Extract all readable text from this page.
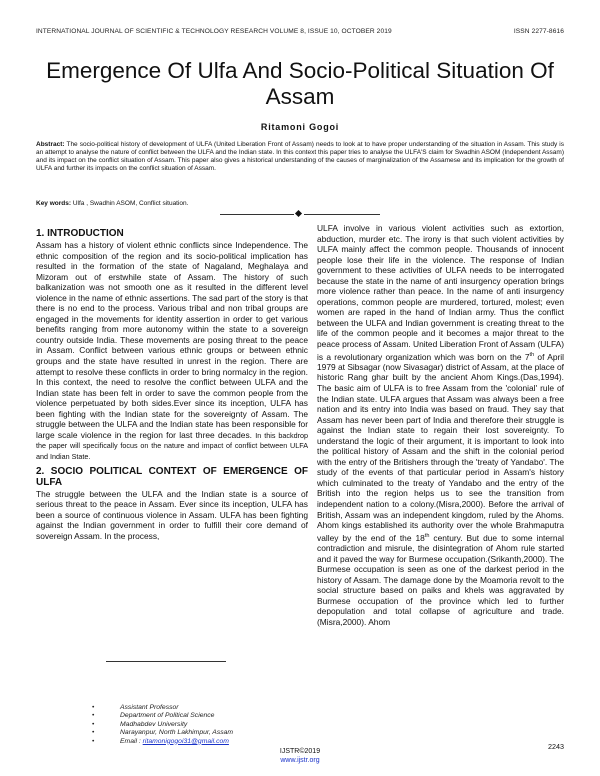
INTERNATIONAL JOURNAL OF SCIENTIFIC & TECHNOLOGY RESEARCH VOLUME 8, ISSUE 10, OCTOBER 2019	ISSN 2277-8616
Emergence Of Ulfa And Socio-Political Situation Of Assam
Ritamoni Gogoi
Abstract: The socio-political history of development of ULFA (United Liberation Front of Assam) needs to look at to have proper understanding of the situation in Assam. This study is an attempt to analyse the nature of conflict between the ULFA and the Indian state. In this context this paper tries to analyse the ULFA'S claim for Swadhin ASOM (Independent Assam) and its impact on the conflict situation of Assam. This paper also gives a historical understanding of the causes of marginalization of the Assamese and its implication for the growth of ULFA and further its impacts on the conflict situation of Assam.
Key words: Ulfa , Swadhin ASOM, Conflict situation.
1. INTRODUCTION

Assam has a history of violent ethnic conflicts since Independence. The ethnic composition of the region and its socio-political implication has resulted in the formation of the state of Nagaland, Meghalaya and Mizoram out of erstwhile state of Assam. The history of such balkanization was not smooth one as it resulted in the different level violence in the name of ethnic assertions. The sad part of the story is that there is no end to the process. Various tribal and non tribal groups are engaged in the movements for identity assertion in order to get various benefits ranging from more autonomy within the state to a sovereign country outside India. These movements are posing threat to the peace in Assam. Conflict between various ethnic groups or between ethnic groups and the state have resulted in unrest in the region. There are attempt to resolve these conflicts in order to bring normalcy in the region. In this context, the need to resolve the conflict between ULFA and the Indian state has been felt in order to save the common people from the violence perpetuated by both sides.Ever since its inception, ULFA has been fighting with the Indian state for the sovereignty of Assam. The struggle between the ULFA and the Indian state has been responsible for large scale violence in the region for last three decades. In this backdrop the paper will specifically focus on the nature and impact of conflict between ULFA and Indian State.

2. SOCIO POLITICAL CONTEXT OF EMERGENCE OF ULFA

The struggle between the ULFA and the Indian state is a source of serious threat to the peace in Assam. Ever since its inception, ULFA has been a source of continuous violence in Assam. ULFA has been fighting against the Indian government in order to fulfill their core demand of sovereign Assam. In the process,

ULFA involve in various violent activities such as extortion, abduction, murder etc. The irony is that such violent activities by ULFA mainly affect the common people. Thousands of innocent people lose their life in the violence. The response of Indian government to these activities of ULFA needs to be interrogated because the state in the name of anti insurgency operation brings more violence rather than peace. In the name of anti insurgency operations, common people are murdered, tortured, molest; even women are raped in the hand of Indian army. Thus the conflict between the ULFA and Indian government is creating threat to the life of the common people and it becomes a major threat to the peace process of Assam. United Liberation Front of Assam (ULFA) is a revolutionary organization which was born on the 7th of April 1979 at Sibsagar (now Sivasagar) district of Assam, at the place of historic Rang ghar built by the ancient Ahom Kings.(Das,1994). The basic aim of ULFA is to free Assam from the 'colonial' rule of the Indian state. ULFA argues that Assam was always been a free nation and its entry into India was based on fraud. They say that Assam has never been part of India and therefore their struggle is against the Indian state to regain their lost sovereignty. To understand the logic of their argument, it is important to look into the political history of Assam and the shift in the colonial period with the entry of the Britishers through the 'treaty of Yandabo'. The study of the events of that particular period in Assam's history which culminated to the treaty of Yandabo and the entry of the British into the region helps us to see the transition from independent nation to a colony.(Misra,2000). Before the arrival of British, Assam was an independent kingdom, ruled by the Ahoms. Ahom kings established its authority over the whole Brahmaputra valley by the end of the 18th century. But due to some internal contradiction and misrule, the disintegration of Ahom rule started and it paved the way for Burmese occupation.(Srikanth,2000). The Burmese occupation is seen as one of the darkest period in the history of Assam. The damage done by the Moamoria revolt to the social structure based on paiks and khels was aggravated by Burmese occupation of the province which led to further depopulation and total collapse of agriculture and trade.(Misra,2000). Ahom

• Assistant Professor
• Department of Political Science
• Madhabdev University
• Narayanpur, North Lakhimpur, Assam
• Email : ritamonigogoi31@gmail.com
2243
IJSTR©2019
www.ijstr.org
